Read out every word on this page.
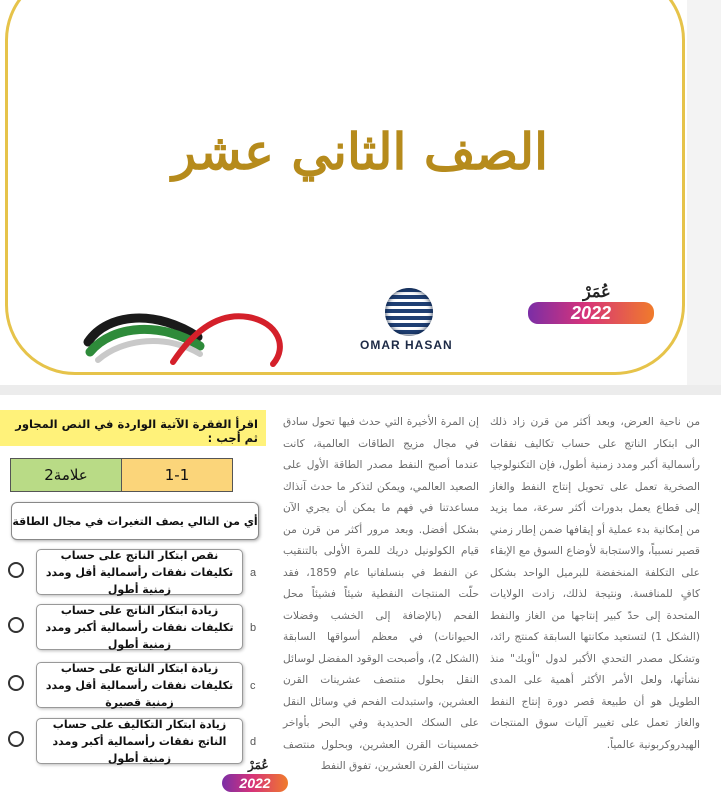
الصف الثاني عشر
OMAR HASAN
عُمَرْ
2022
من ناحية العرض، وبعد أكثر من قرن زاد ذلك الى ابتكار الناتج على حساب تكاليف نفقات رأسمالية أكبر ومدد زمنية أطول، فإن التكنولوجيا الصخرية تعمل على تحويل إنتاج النفط والغاز إلى قطاع يعمل بدورات أكثر سرعة، مما يزيد من إمكانية بدء عملية أو إيقافها ضمن إطار زمني قصير نسبياً، والاستجابة لأوضاع السوق مع الإبقاء على التكلفة المنخفضة للبرميل الواحد بشكل كافٍ للمنافسة. ونتيجة لذلك، زادت الولايات المتحدة إلى حدّ كبير إنتاجها من الغاز والنفط (الشكل 1) لتستعيد مكانتها السابقة كمنتج رائد، وتشكل مصدر التحدي الأكبر لدول "أوبك" منذ نشأتها، ولعل الأمر الأكثر أهمية على المدى الطويل هو أن طبيعة قصر دورة إنتاج النفط والغاز تعمل على تغيير آليات سوق المنتجات الهيدروكربونية عالمياً.
إن المرة الأخيرة التي حدث فيها تحول سادق في مجال مزيج الطاقات العالمية، كانت عندما أصبح النفط مصدر الطاقة الأول على الصعيد العالمي، ويمكن لتذكر ما حدث آنذاك مساعدتنا في فهم ما يمكن أن يجري الآن بشكل أفضل. وبعد مرور أكثر من قرن من قيام الكولونيل دريك للمرة الأولى بالتنقيب عن النفط في بنسلفانيا عام 1859، فقد حلّت المنتجات النفطية شيئاً فشيئاً محل الفحم (بالإضافة إلى الخشب وفضلات الحيوانات) في معظم أسواقها السابقة (الشكل 2)، وأصبحت الوقود المفضل لوسائل النقل بحلول منتصف عشرينات القرن العشرين، واستبدلت الفحم في وسائل النقل على السكك الحديدية وفي البحر بأواخر خمسينات القرن العشرين، وبحلول منتصف ستينات القرن العشرين، تفوق النفط
اقرأ الفقرة الآتية الواردة في النص المجاور ثم أجب :
2علامة	1-1
أي من التالي يصف التغيرات في مجال الطاقة
نقص ابتكار الناتج على حساب تكليفات نفقات رأسمالية أقل ومدد زمنية أطول
a
زيادة ابتكار الناتج على حساب تكليفات نفقات رأسمالية أكبر ومدد زمنية أطول
b
زيادة ابتكار الناتج على حساب تكليفات نفقات رأسمالية أقل ومدد زمنية قصيرة
c
زيادة ابتكار التكاليف على حساب الناتج نفقات رأسمالية أكبر ومدد زمنية أطول
d
عُمَرْ
2022
